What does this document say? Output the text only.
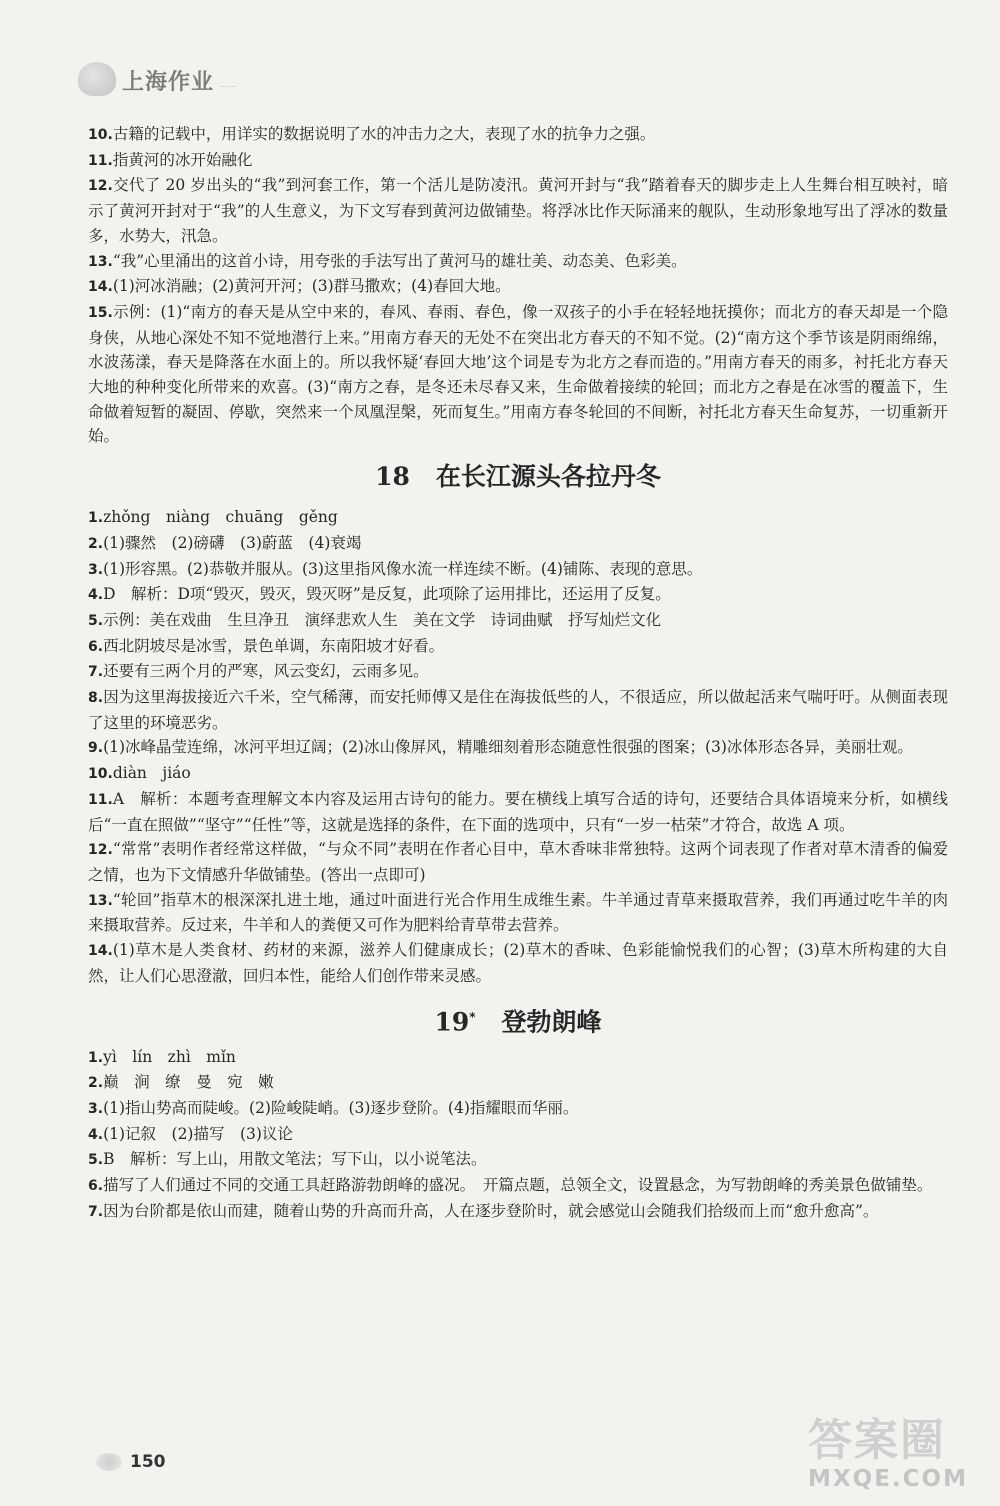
上海作业 ·······

10.古籍的记载中，用详实的数据说明了水的冲击力之大，表现了水的抗争力之强。

11.指黄河的冰开始融化

12.交代了 20 岁出头的“我”到河套工作，第一个活儿是防凌汛。黄河开封与“我”踏着春天的脚步走上人生舞台相互映衬，暗示了黄河开封对于“我”的人生意义，为下文写春到黄河边做铺垫。将浮冰比作天际涌来的舰队，生动形象地写出了浮冰的数量多，水势大，汛急。

13.“我”心里涌出的这首小诗，用夸张的手法写出了黄河马的雄壮美、动态美、色彩美。

14.(1)河冰消融；(2)黄河开河；(3)群马撒欢；(4)春回大地。

15.示例：(1)“南方的春天是从空中来的，春风、春雨、春色，像一双孩子的小手在轻轻地抚摸你；而北方的春天却是一个隐身侠，从地心深处不知不觉地潜行上来。”用南方春天的无处不在突出北方春天的不知不觉。(2)“南方这个季节该是阴雨绵绵，水波荡漾，春天是降落在水面上的。所以我怀疑‘春回大地’这个词是专为北方之春而造的。”用南方春天的雨多，衬托北方春天大地的种种变化所带来的欢喜。(3)“南方之春，是冬还未尽春又来，生命做着接续的轮回；而北方之春是在冰雪的覆盖下，生命做着短暂的凝固、停歇，突然来一个凤凰涅槃，死而复生。”用南方春冬轮回的不间断，衬托北方春天生命复苏，一切重新开始。

18 在长江源头各拉丹冬

1.zhǒng　niàng　chuāng　gěng

2.(1)骤然　(2)磅礴　(3)蔚蓝　(4)衰竭

3.(1)形容黑。(2)恭敬并服从。(3)这里指风像水流一样连续不断。(4)铺陈、表现的意思。

4.D　解析：D项“毁灭，毁灭，毁灭呀”是反复，此项除了运用排比，还运用了反复。

5.示例：美在戏曲　生旦净丑　演绎悲欢人生　美在文学　诗词曲赋　抒写灿烂文化

6.西北阴坡尽是冰雪，景色单调，东南阳坡才好看。

7.还要有三两个月的严寒，风云变幻，云雨多见。

8.因为这里海拔接近六千米，空气稀薄，而安托师傅又是住在海拔低些的人，不很适应，所以做起活来气喘吁吁。从侧面表现了这里的环境恶劣。

9.(1)冰峰晶莹连绵，冰河平坦辽阔；(2)冰山像屏风，精雕细刻着形态随意性很强的图案；(3)冰体形态各异，美丽壮观。

10.diàn　jiáo

11.A　解析：本题考查理解文本内容及运用古诗句的能力。要在横线上填写合适的诗句，还要结合具体语境来分析，如横线后“一直在照做”“坚守”“任性”等，这就是选择的条件，在下面的选项中，只有“一岁一枯荣”才符合，故选 A 项。

12.“常常”表明作者经常这样做，“与众不同”表明在作者心目中，草木香味非常独特。这两个词表现了作者对草木清香的偏爱之情，也为下文情感升华做铺垫。(答出一点即可)

13.“轮回”指草木的根深深扎进土地，通过叶面进行光合作用生成维生素。牛羊通过青草来摄取营养，我们再通过吃牛羊的肉来摄取营养。反过来，牛羊和人的粪便又可作为肥料给青草带去营养。

14.(1)草木是人类食材、药材的来源，滋养人们健康成长；(2)草木的香味、色彩能愉悦我们的心智；(3)草木所构建的大自然，让人们心思澄澈，回归本性，能给人们创作带来灵感。

19* 登勃朗峰

1.yì　lín　zhì　mǐn

2.巅　涧　缭　曼　宛　嫩

3.(1)指山势高而陡峻。(2)险峻陡峭。(3)逐步登阶。(4)指耀眼而华丽。

4.(1)记叙　(2)描写　(3)议论

5.B　解析：写上山，用散文笔法；写下山，以小说笔法。

6.描写了人们通过不同的交通工具赶路游勃朗峰的盛况。　开篇点题，总领全文，设置悬念，为写勃朗峰的秀美景色做铺垫。

7.因为台阶都是依山而建，随着山势的升高而升高，人在逐步登阶时，就会感觉山会随我们拾级而上而“愈升愈高”。

150	答案圈
MXQE.COM
